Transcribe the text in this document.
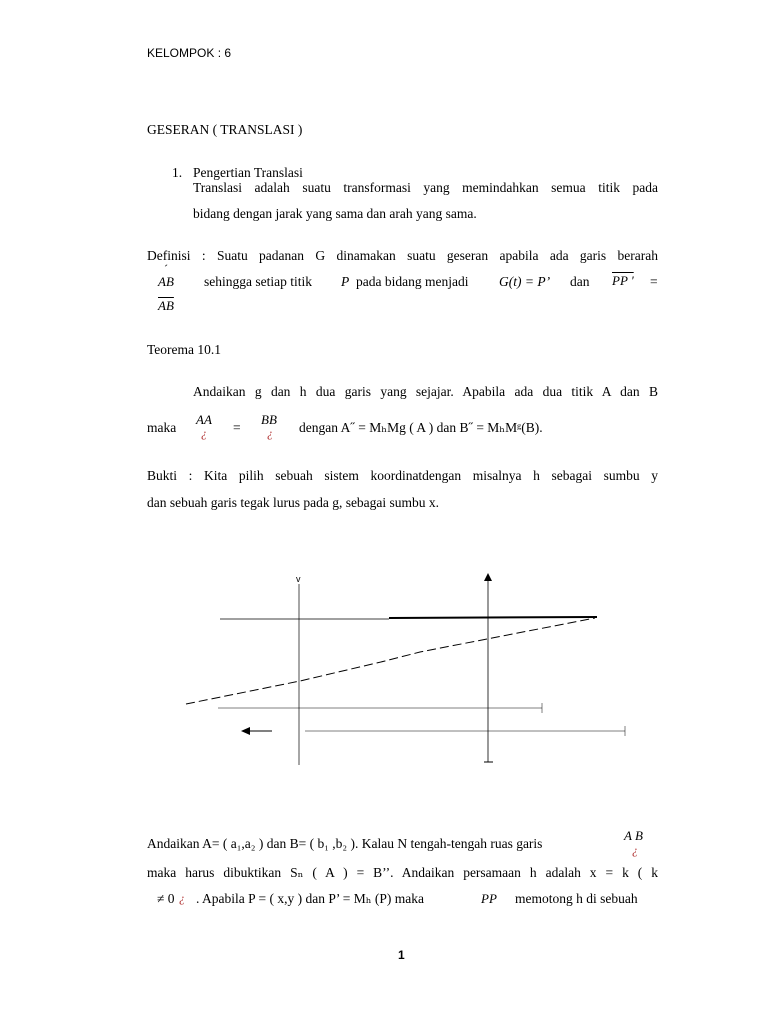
KELOMPOK : 6
GESERAN ( TRANSLASI )
1. Pengertian Translasi
Translasi adalah suatu transformasi yang memindahkan semua titik pada
bidang dengan jarak yang sama dan arah yang sama.
Definisi : Suatu padanan G dinamakan suatu geseran apabila ada garis berarah
AB
´
sehingga setiap titik P pada bidang menjadi G(t) = P’ dan PP ' =
$\overline{AB}$
Teorema 10.1
Andaikan g dan h dua garis yang sejajar. Apabila ada dua titik A dan B
maka
AA
¿ =
BB
¿ dengan A˝ = MₕMg ( A ) dan B˝ = MₕMᵍ(B).
Bukti : Kita pilih sebuah sistem koordinatdengan misalnya h sebagai sumbu y
dan sebuah garis tegak lurus pada g, sebagai sumbu x.
v
Andaikan A= ( a₁,a₂ ) dan B= ( b₁ ,b₂ ). Kalau N tengah-tengah ruas garis
A B
¿
maka harus dibuktikan Sₙ ( A ) = B’’. Andaikan persamaan h adalah x = k ( k
≠ 0 ¿ . Apabila P = ( x,y ) dan P’ = Mₕ (P) maka	PP memotong h di sebuah
1
